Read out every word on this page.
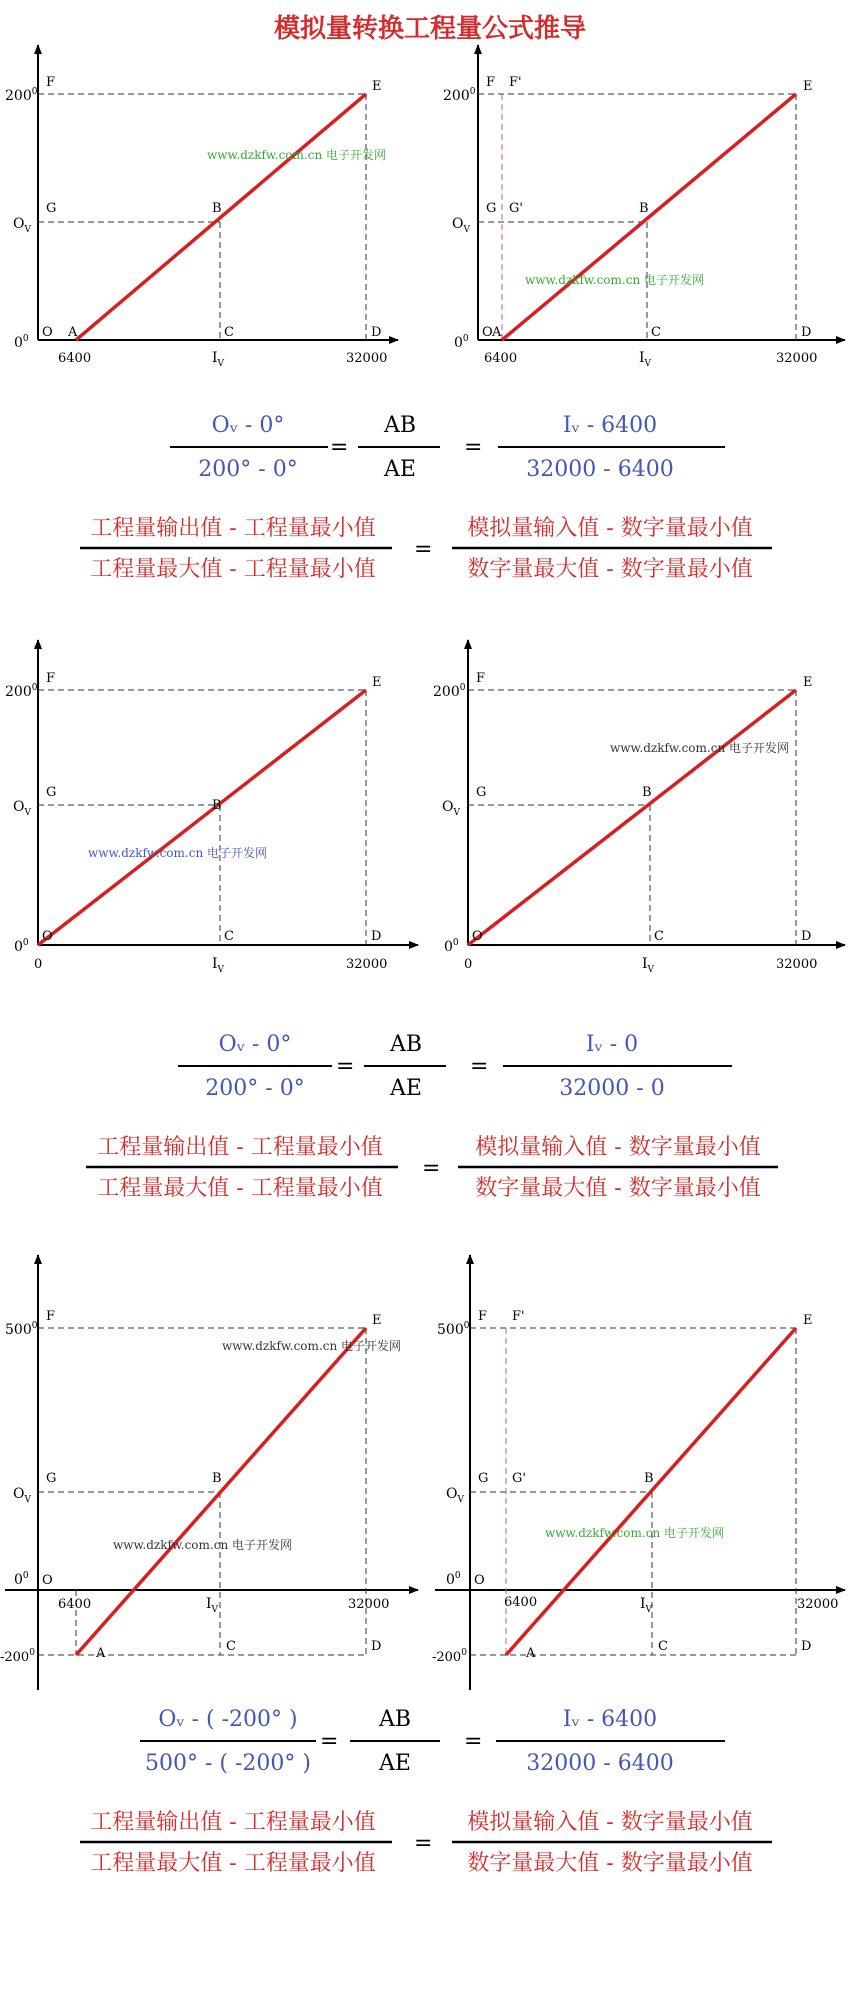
模拟量转换工程量公式推导
$200^0$
$O_V$
$0^0$
F	E
G	B
O A	C	D
6400	$I_V$	32000
www.dzkfw.com.cn 电子开发网
$200^0$
$O_V$
$0^0$
F F'	E
G G'	B
O A	C	D
6400	$I_V$	32000
www.dzkfw.com.cn 电子开发网
Oᵥ - 0°
200° - 0°
=
AB
AE
=
Iᵥ - 6400
32000 - 6400
工程量输出值 - 工程量最小值
工程量最大值 - 工程量最小值
=
模拟量输入值 - 数字量最小值
数字量最大值 - 数字量最小值
$200^0$
$O_V$
$0^0$
F	E
G
B
O	C	D
0	$I_V$	32000
www.dzkfw.com.cn 电子开发网
$200^0$
$O_V$
$0^0$
F	E
G	B
O	C	D
0	$I_V$	32000
www.dzkfw.com.cn 电子开发网
Oᵥ - 0°
200° - 0°
=
AB
AE
=
Iᵥ - 0
32000 - 0
工程量输出值 - 工程量最小值
工程量最大值 - 工程量最小值
=
模拟量输入值 - 数字量最小值
数字量最大值 - 数字量最小值
$500^0$
$O_V$
$0^0$
$-200^0$
F	E
G	B
O
A	C	D
6400	$I_V$	32000
www.dzkfw.com.cn 电子开发网
www.dzkfw.com.cn 电子开发网
$500^0$
$O_V$
$0^0$
$-200^0$
F F'	E
G G'	B
O
A	C	D
6400	$I_V$	32000
www.dzkfw.com.cn 电子开发网
Oᵥ - ( -200° )
500° - ( -200° )
=
AB
AE
=
Iᵥ - 6400
32000 - 6400
工程量输出值 - 工程量最小值
工程量最大值 - 工程量最小值
=
模拟量输入值 - 数字量最小值
数字量最大值 - 数字量最小值
